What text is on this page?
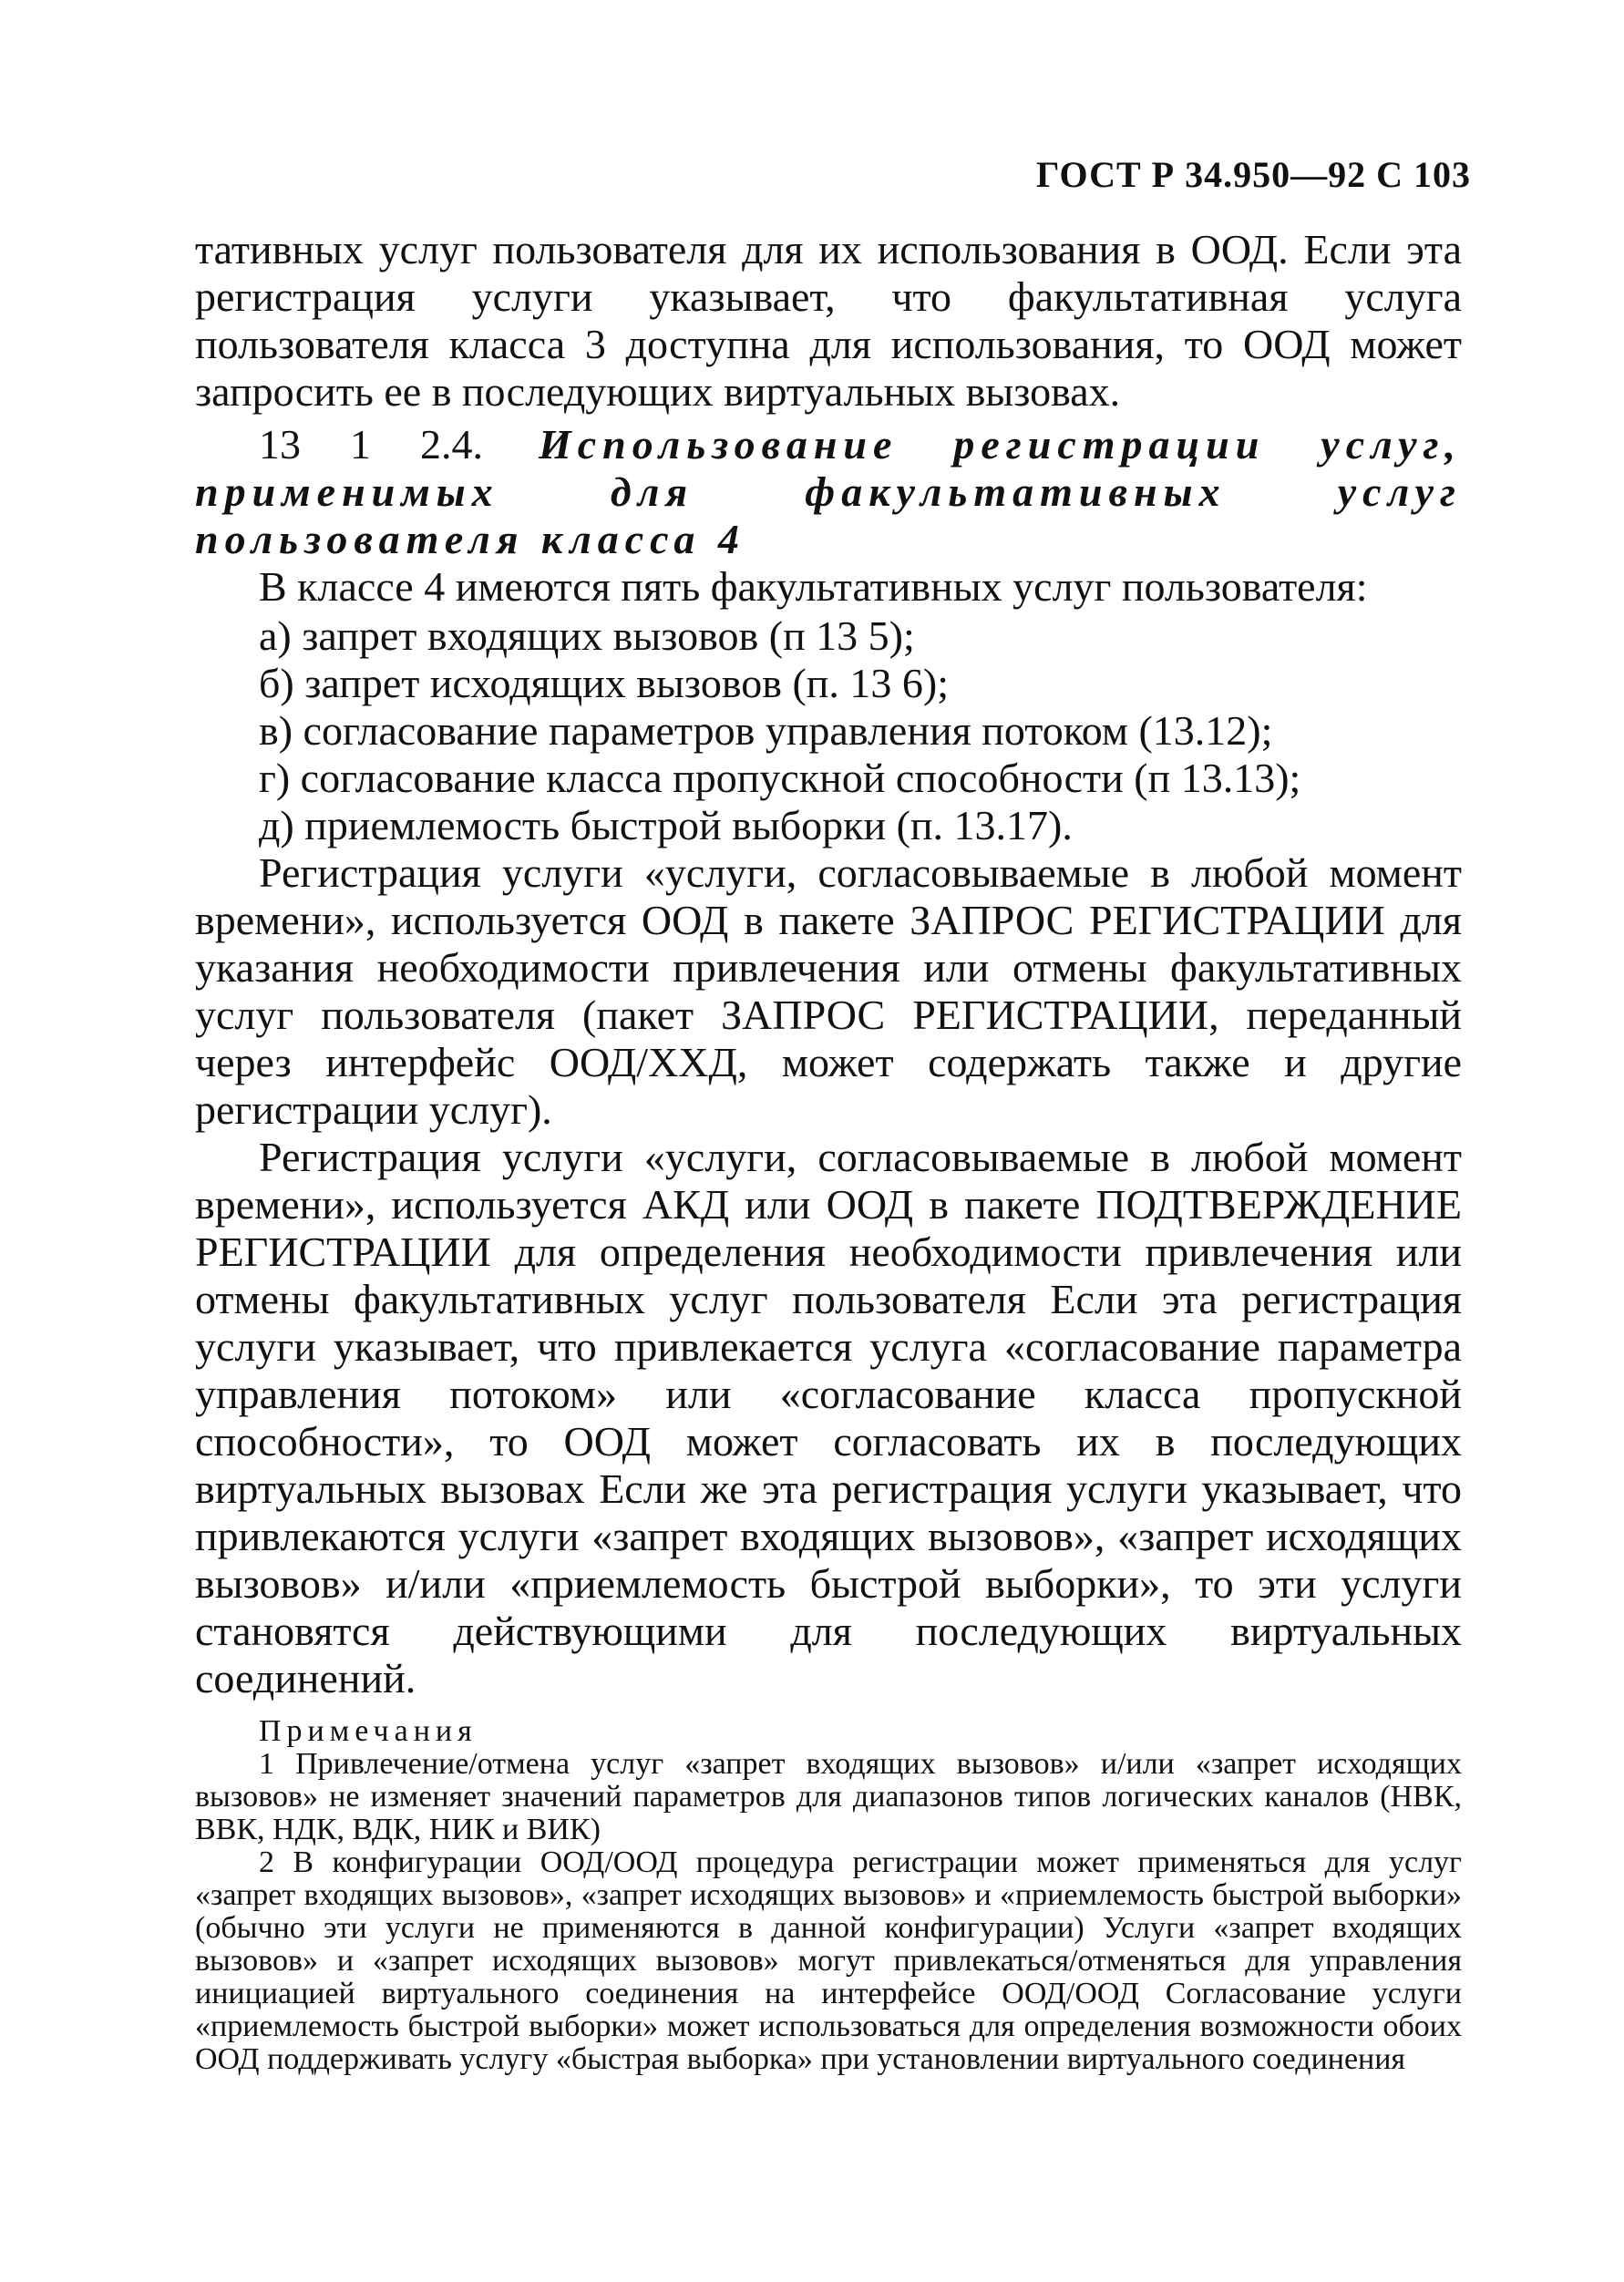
ГОСТ Р 34.950—92 С 103

тативных услуг пользователя для их использования в ООД. Если эта регистрация услуги указывает, что факультативная услуга пользователя класса 3 доступна для использования, то ООД может запросить ее в последующих виртуальных вызовах.

13 1 2.4. Использование регистрации услуг, применимых для факультативных услуг пользователя класса 4

В классе 4 имеются пять факультативных услуг пользователя:

а) запрет входящих вызовов (п 13 5);
б) запрет исходящих вызовов (п. 13 6);
в) согласование параметров управления потоком (13.12);
г) согласование класса пропускной способности (п 13.13);
д) приемлемость быстрой выборки (п. 13.17).

Регистрация услуги «услуги, согласовываемые в любой момент времени», используется ООД в пакете ЗАПРОС РЕГИСТРАЦИИ для указания необходимости привлечения или отмены факультативных услуг пользователя (пакет ЗАПРОС РЕГИСТРАЦИИ, переданный через интерфейс ООД/ХХД, может содержать также и другие регистрации услуг).

Регистрация услуги «услуги, согласовываемые в любой момент времени», используется АКД или ООД в пакете ПОДТВЕРЖДЕНИЕ РЕГИСТРАЦИИ для определения необходимости привлечения или отмены факультативных услуг пользователя Если эта регистрация услуги указывает, что привлекается услуга «согласование параметра управления потоком» или «согласование класса пропускной способности», то ООД может согласовать их в последующих виртуальных вызовах Если же эта регистрация услуги указывает, что привлекаются услуги «запрет входящих вызовов», «запрет исходящих вызовов» и/или «приемлемость быстрой выборки», то эти услуги становятся действующими для последующих виртуальных соединений.

Примечания

1 Привлечение/отмена услуг «запрет входящих вызовов» и/или «запрет исходящих вызовов» не изменяет значений параметров для диапазонов типов логических каналов (НВК, ВВК, НДК, ВДК, НИК и ВИК)

2 В конфигурации ООД/ООД процедура регистрации может применяться для услуг «запрет входящих вызовов», «запрет исходящих вызовов» и «приемлемость быстрой выборки» (обычно эти услуги не применяются в данной конфигурации) Услуги «запрет входящих вызовов» и «запрет исходящих вызовов» могут привлекаться/отменяться для управления инициацией виртуального соединения на интерфейсе ООД/ООД Согласование услуги «приемлемость быстрой выборки» может использоваться для определения возможности обоих ООД поддерживать услугу «быстрая выборка» при установлении виртуального соединения
